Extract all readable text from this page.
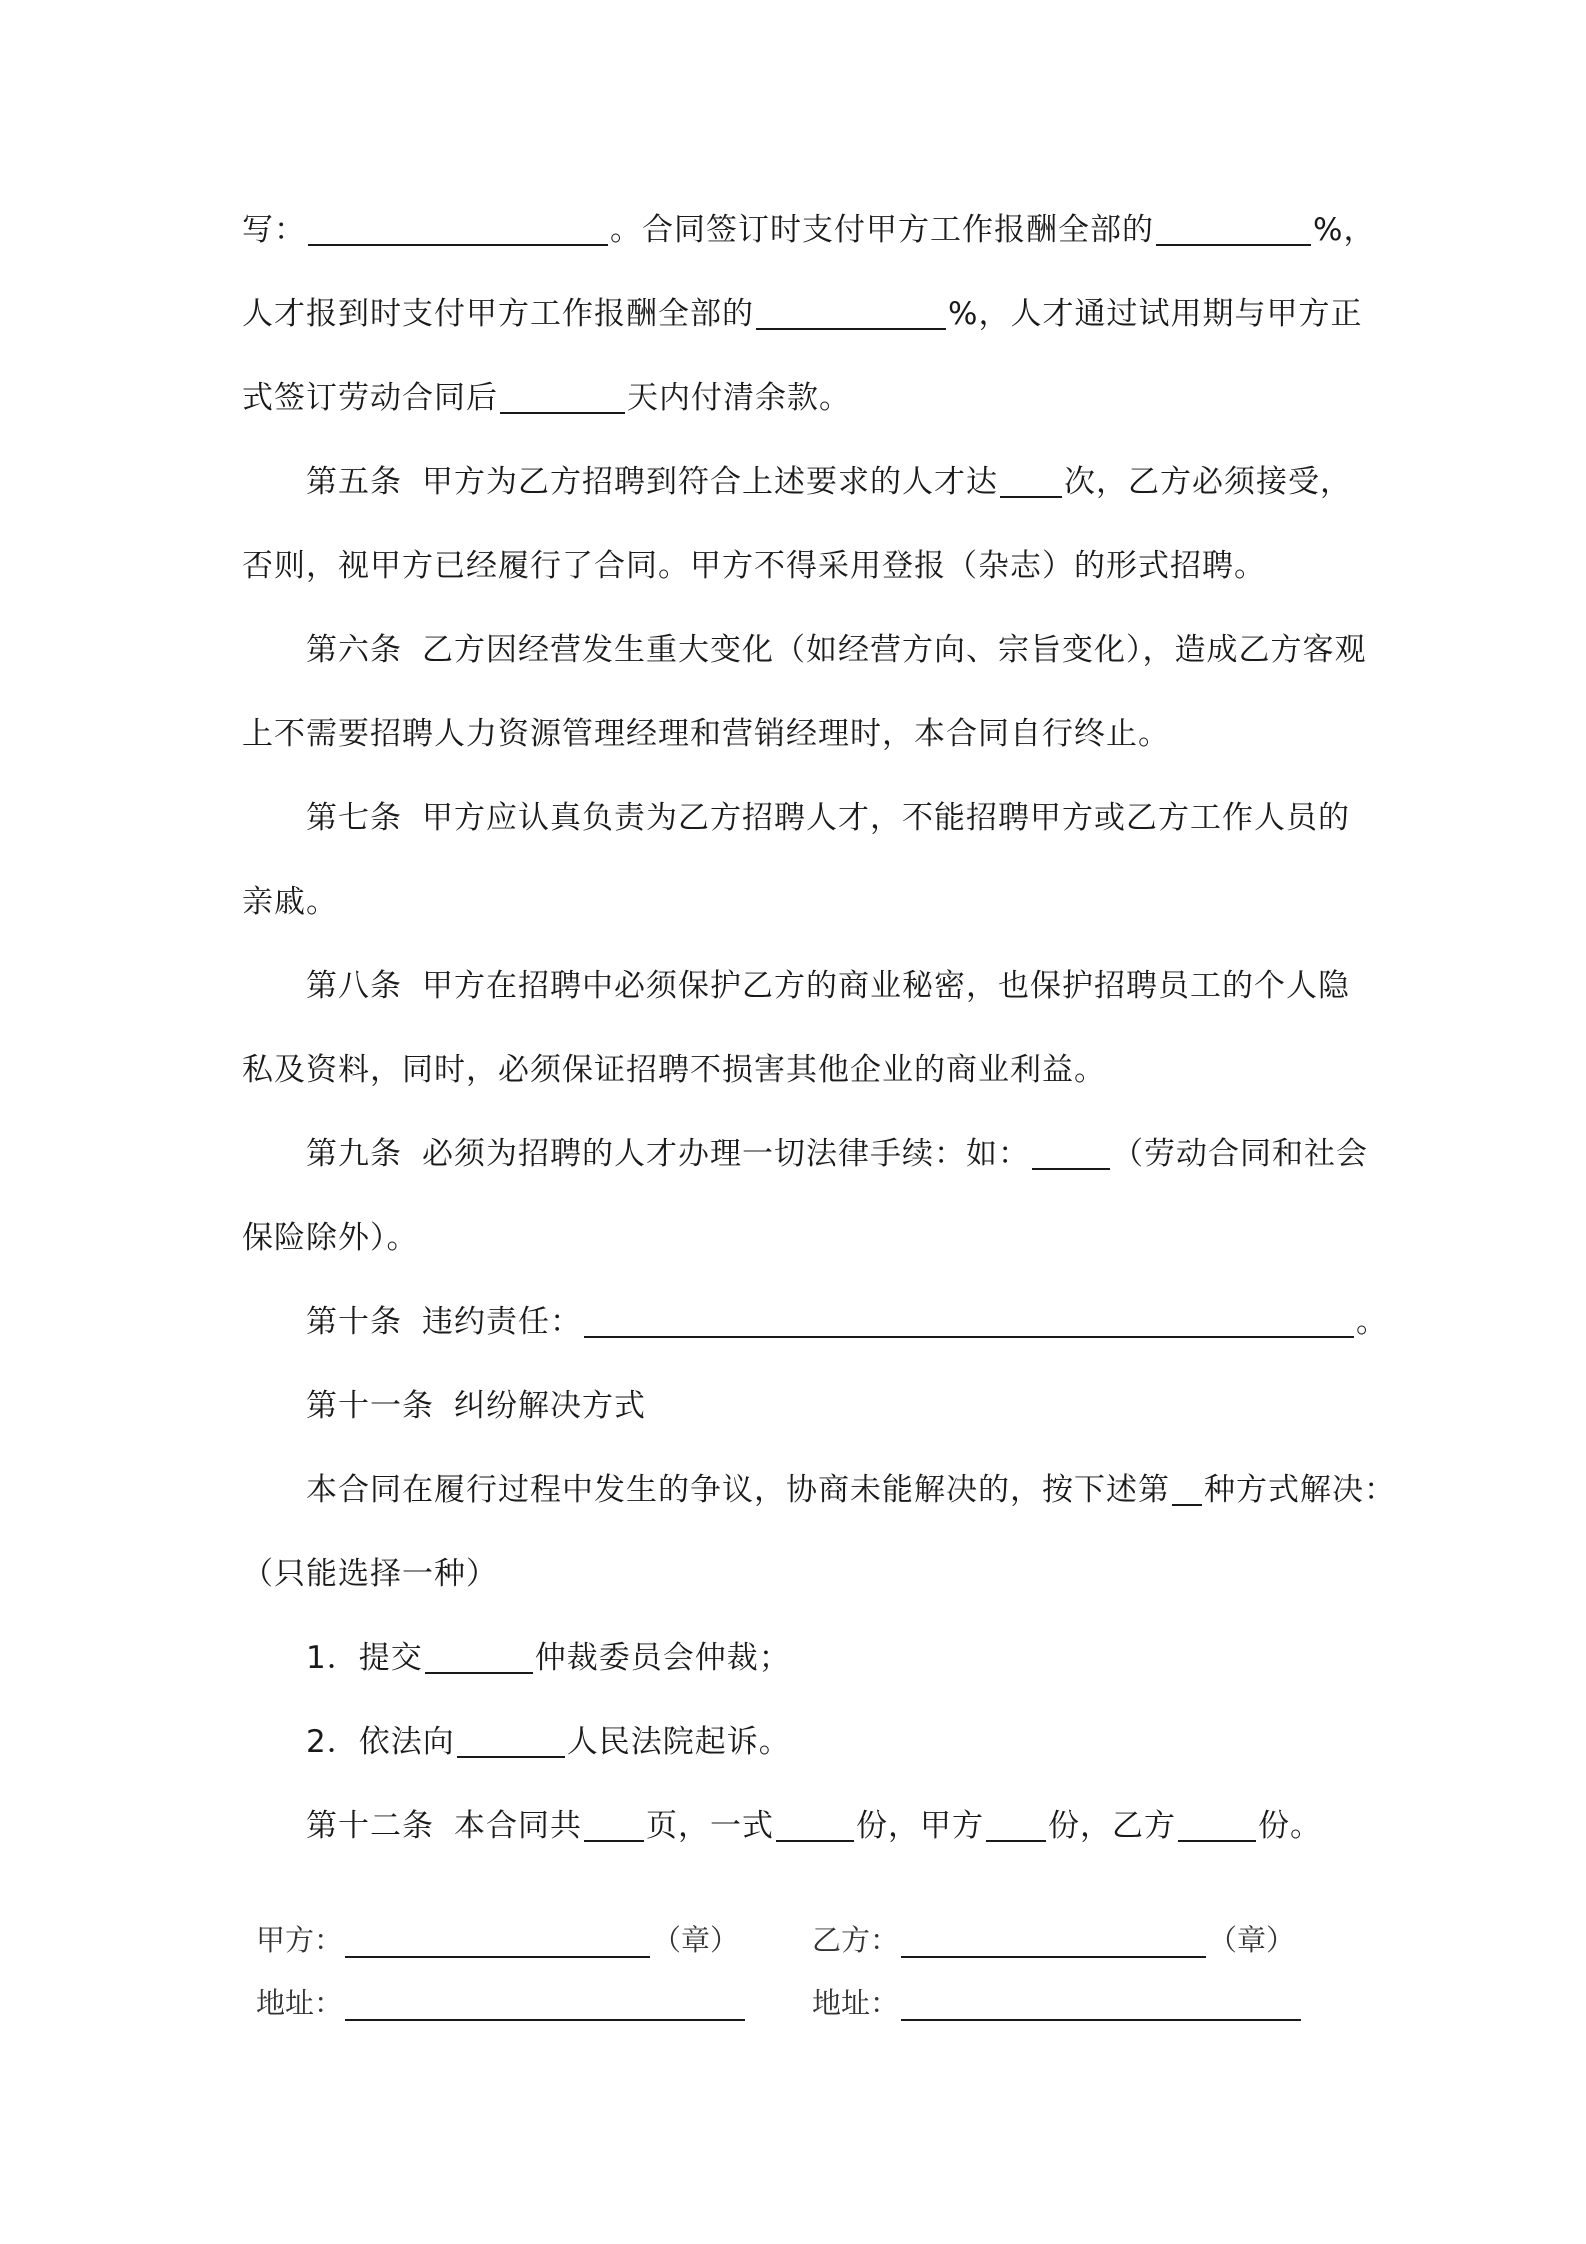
写：	。合同签订时支付甲方工作报酬全部的	%，
人才报到时支付甲方工作报酬全部的	%，人才通过试用期与甲方正
式签订劳动合同后	天内付清余款。
第五条 甲方为乙方招聘到符合上述要求的人才达 次，乙方必须接受，
否则，视甲方已经履行了合同。甲方不得采用登报（杂志）的形式招聘。
第六条 乙方因经营发生重大变化（如经营方向、宗旨变化），造成乙方客观
上不需要招聘人力资源管理经理和营销经理时，本合同自行终止。
第七条 甲方应认真负责为乙方招聘人才，不能招聘甲方或乙方工作人员的
亲戚。
第八条 甲方在招聘中必须保护乙方的商业秘密，也保护招聘员工的个人隐
私及资料，同时，必须保证招聘不损害其他企业的商业利益。
第九条 必须为招聘的人才办理一切法律手续：如：	（劳动合同和社会
保险除外）。
第十条 违约责任：	。
第十一条 纠纷解决方式
本合同在履行过程中发生的争议，协商未能解决的，按下述第 种方式解决：
（只能选择一种）
1．提交	仲裁委员会仲裁；
2．依法向	人民法院起诉。
第十二条 本合同共 页，一式	份，甲方 份，乙方	份。
甲方：	（章）	乙方：	（章）
地址：	地址：
